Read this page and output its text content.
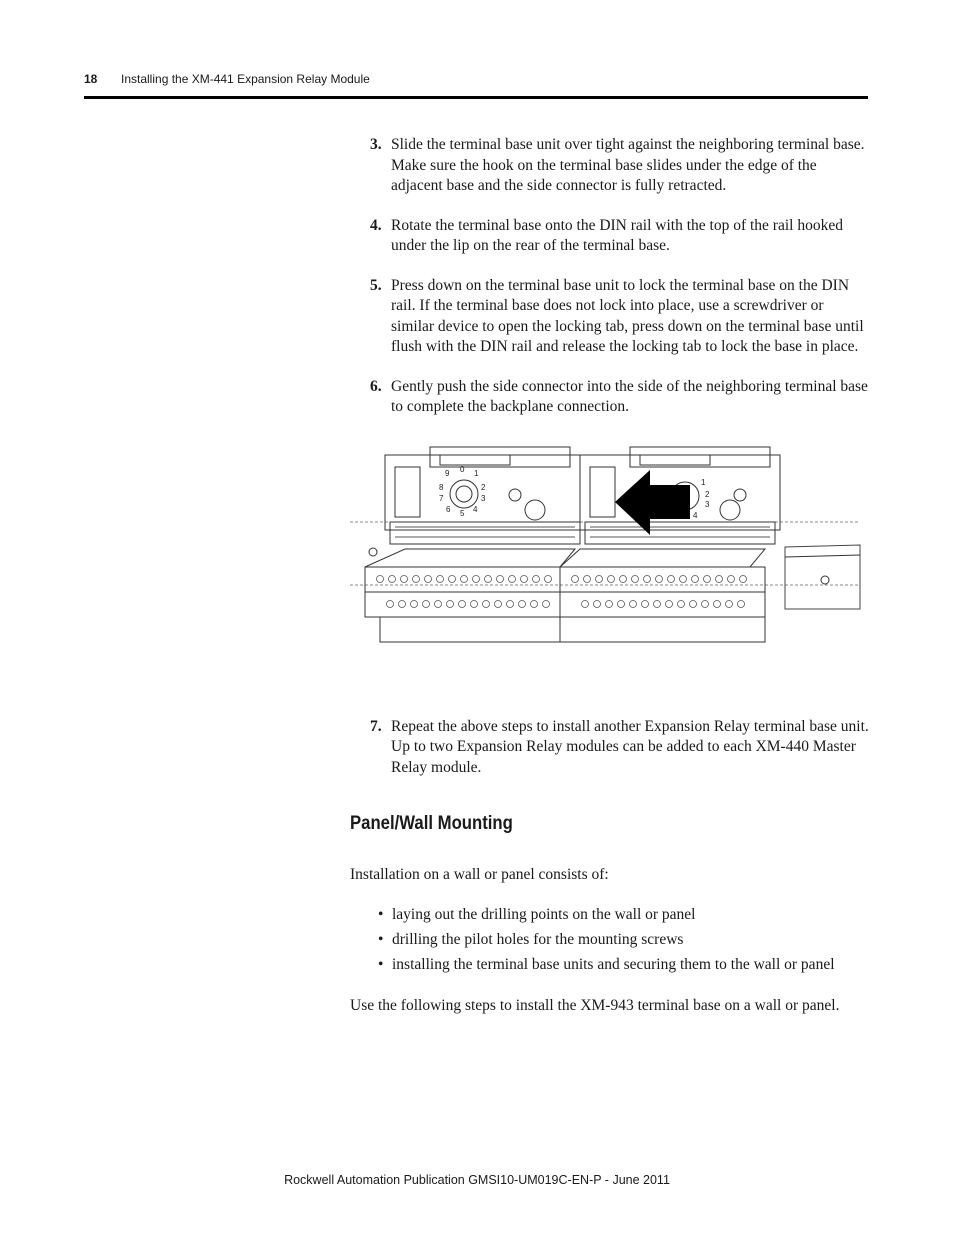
18 Installing the XM-441 Expansion Relay Module
3. Slide the terminal base unit over tight against the neighboring terminal base. Make sure the hook on the terminal base slides under the edge of the adjacent base and the side connector is fully retracted.
4. Rotate the terminal base onto the DIN rail with the top of the rail hooked under the lip on the rear of the terminal base.
5. Press down on the terminal base unit to lock the terminal base on the DIN rail. If the terminal base does not lock into place, use a screwdriver or similar device to open the locking tab, press down on the terminal base until flush with the DIN rail and release the locking tab to lock the base in place.
6. Gently push the side connector into the side of the neighboring terminal base to complete the backplane connection.
9 0 1
2
3
4
5
6
7
8
1
2
3
4
7. Repeat the above steps to install another Expansion Relay terminal base unit. Up to two Expansion Relay modules can be added to each XM-440 Master Relay module.
Panel/Wall Mounting
Installation on a wall or panel consists of:
• laying out the drilling points on the wall or panel
• drilling the pilot holes for the mounting screws
• installing the terminal base units and securing them to the wall or panel
Use the following steps to install the XM-943 terminal base on a wall or panel.
Rockwell Automation Publication GMSI10-UM019C-EN-P - June 2011
